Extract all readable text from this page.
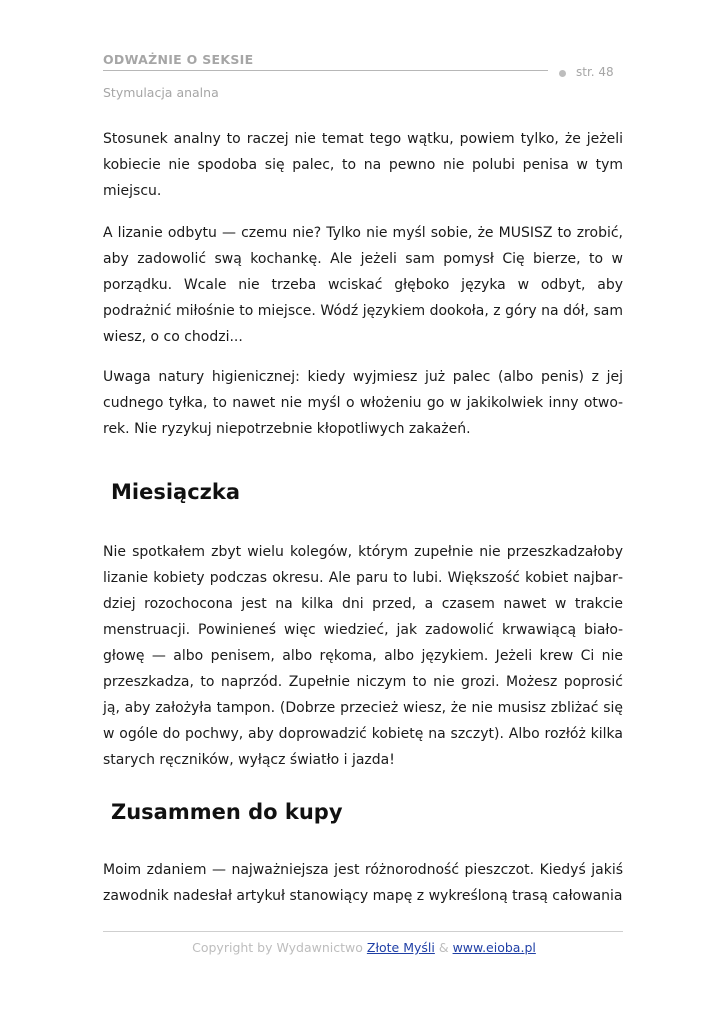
ODWAŻNIE O SEKSIE
str. 48
Stymulacja analna

Stosunek analny to raczej nie temat tego wątku, powiem tylko, że jeżeli kobiecie nie spodoba się palec, to na pewno nie polubi penisa w tym miejscu.

A lizanie odbytu — czemu nie? Tylko nie myśl sobie, że MUSISZ to zrobić, aby zadowolić swą kochankę. Ale jeżeli sam pomysł Cię bierze, to w porządku. Wcale nie trzeba wciskać głęboko języka w odbyt, aby podrażnić miłośnie to miejsce. Wódź językiem dookoła, z góry na dół, sam wiesz, o co chodzi...

Uwaga natury higienicznej: kiedy wyjmiesz już palec (albo penis) z jej cudnego tyłka, to nawet nie myśl o włożeniu go w jakikolwiek inny otworek. Nie ryzykuj niepotrzebnie kłopotliwych zakażeń.

Miesiączka

Nie spotkałem zbyt wielu kolegów, którym zupełnie nie przeszkadzałoby lizanie kobiety podczas okresu. Ale paru to lubi. Większość kobiet najbardziej rozochocona jest na kilka dni przed, a czasem nawet w trakcie menstruacji. Powinieneś więc wiedzieć, jak zadowolić krwawiącą białogłowę — albo penisem, albo rękoma, albo językiem. Jeżeli krew Ci nie przeszkadza, to naprzód. Zupełnie niczym to nie grozi. Możesz poprosić ją, aby założyła tampon. (Dobrze przecież wiesz, że nie musisz zbliżać się w ogóle do pochwy, aby doprowadzić kobietę na szczyt). Albo rozłóż kilka starych ręczników, wyłącz światło i jazda!

Zusammen do kupy

Moim zdaniem — najważniejsza jest różnorodność pieszczot. Kiedyś jakiś zawodnik nadesłał artykuł stanowiący mapę z wykreśloną trasą całowania

Copyright by Wydawnictwo Złote Myśli & www.eioba.pl
